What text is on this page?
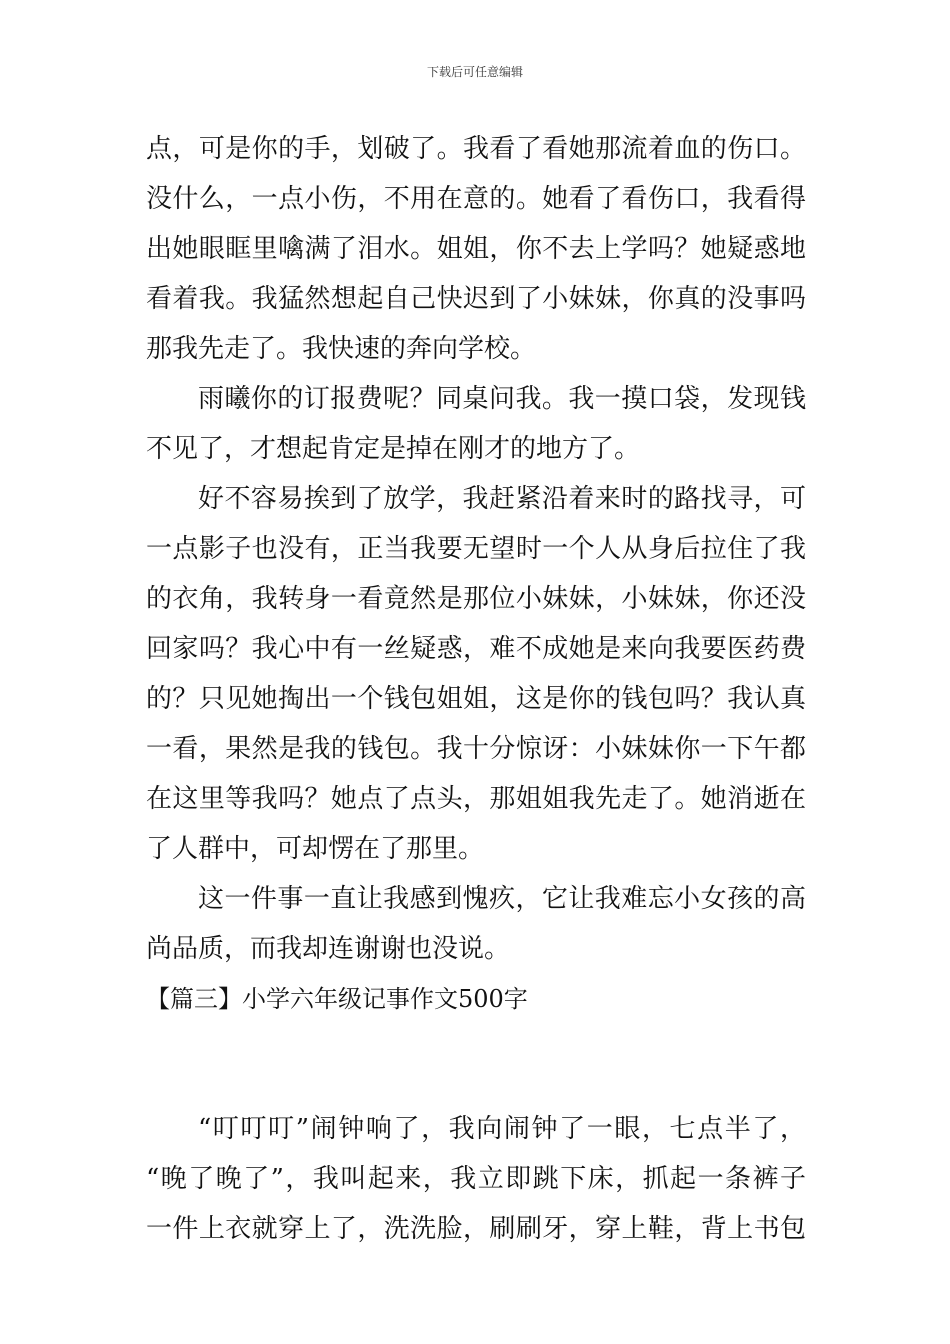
下载后可任意编辑
点，可是你的手，划破了。我看了看她那流着血的伤口。
没什么，一点小伤，不用在意的。她看了看伤口，我看得
出她眼眶里噙满了泪水。姐姐，你不去上学吗？她疑惑地
看着我。我猛然想起自己快迟到了小妹妹，你真的没事吗
那我先走了。我快速的奔向学校。
雨曦你的订报费呢？同桌问我。我一摸口袋，发现钱
不见了，才想起肯定是掉在刚才的地方了。
好不容易挨到了放学，我赶紧沿着来时的路找寻，可
一点影子也没有，正当我要无望时一个人从身后拉住了我
的衣角，我转身一看竟然是那位小妹妹，小妹妹，你还没
回家吗？我心中有一丝疑惑，难不成她是来向我要医药费
的？只见她掏出一个钱包姐姐，这是你的钱包吗？我认真
一看，果然是我的钱包。我十分惊讶：小妹妹你一下午都
在这里等我吗？她点了点头，那姐姐我先走了。她消逝在
了人群中，可却愣在了那里。
这一件事一直让我感到愧疚，它让我难忘小女孩的高
尚品质，而我却连谢谢也没说。
【篇三】小学六年级记事作文500字
“叮叮叮”闹钟响了，我向闹钟了一眼，七点半了，
“晚了晚了”，我叫起来，我立即跳下床，抓起一条裤子
一件上衣就穿上了，洗洗脸，刷刷牙，穿上鞋，背上书包
